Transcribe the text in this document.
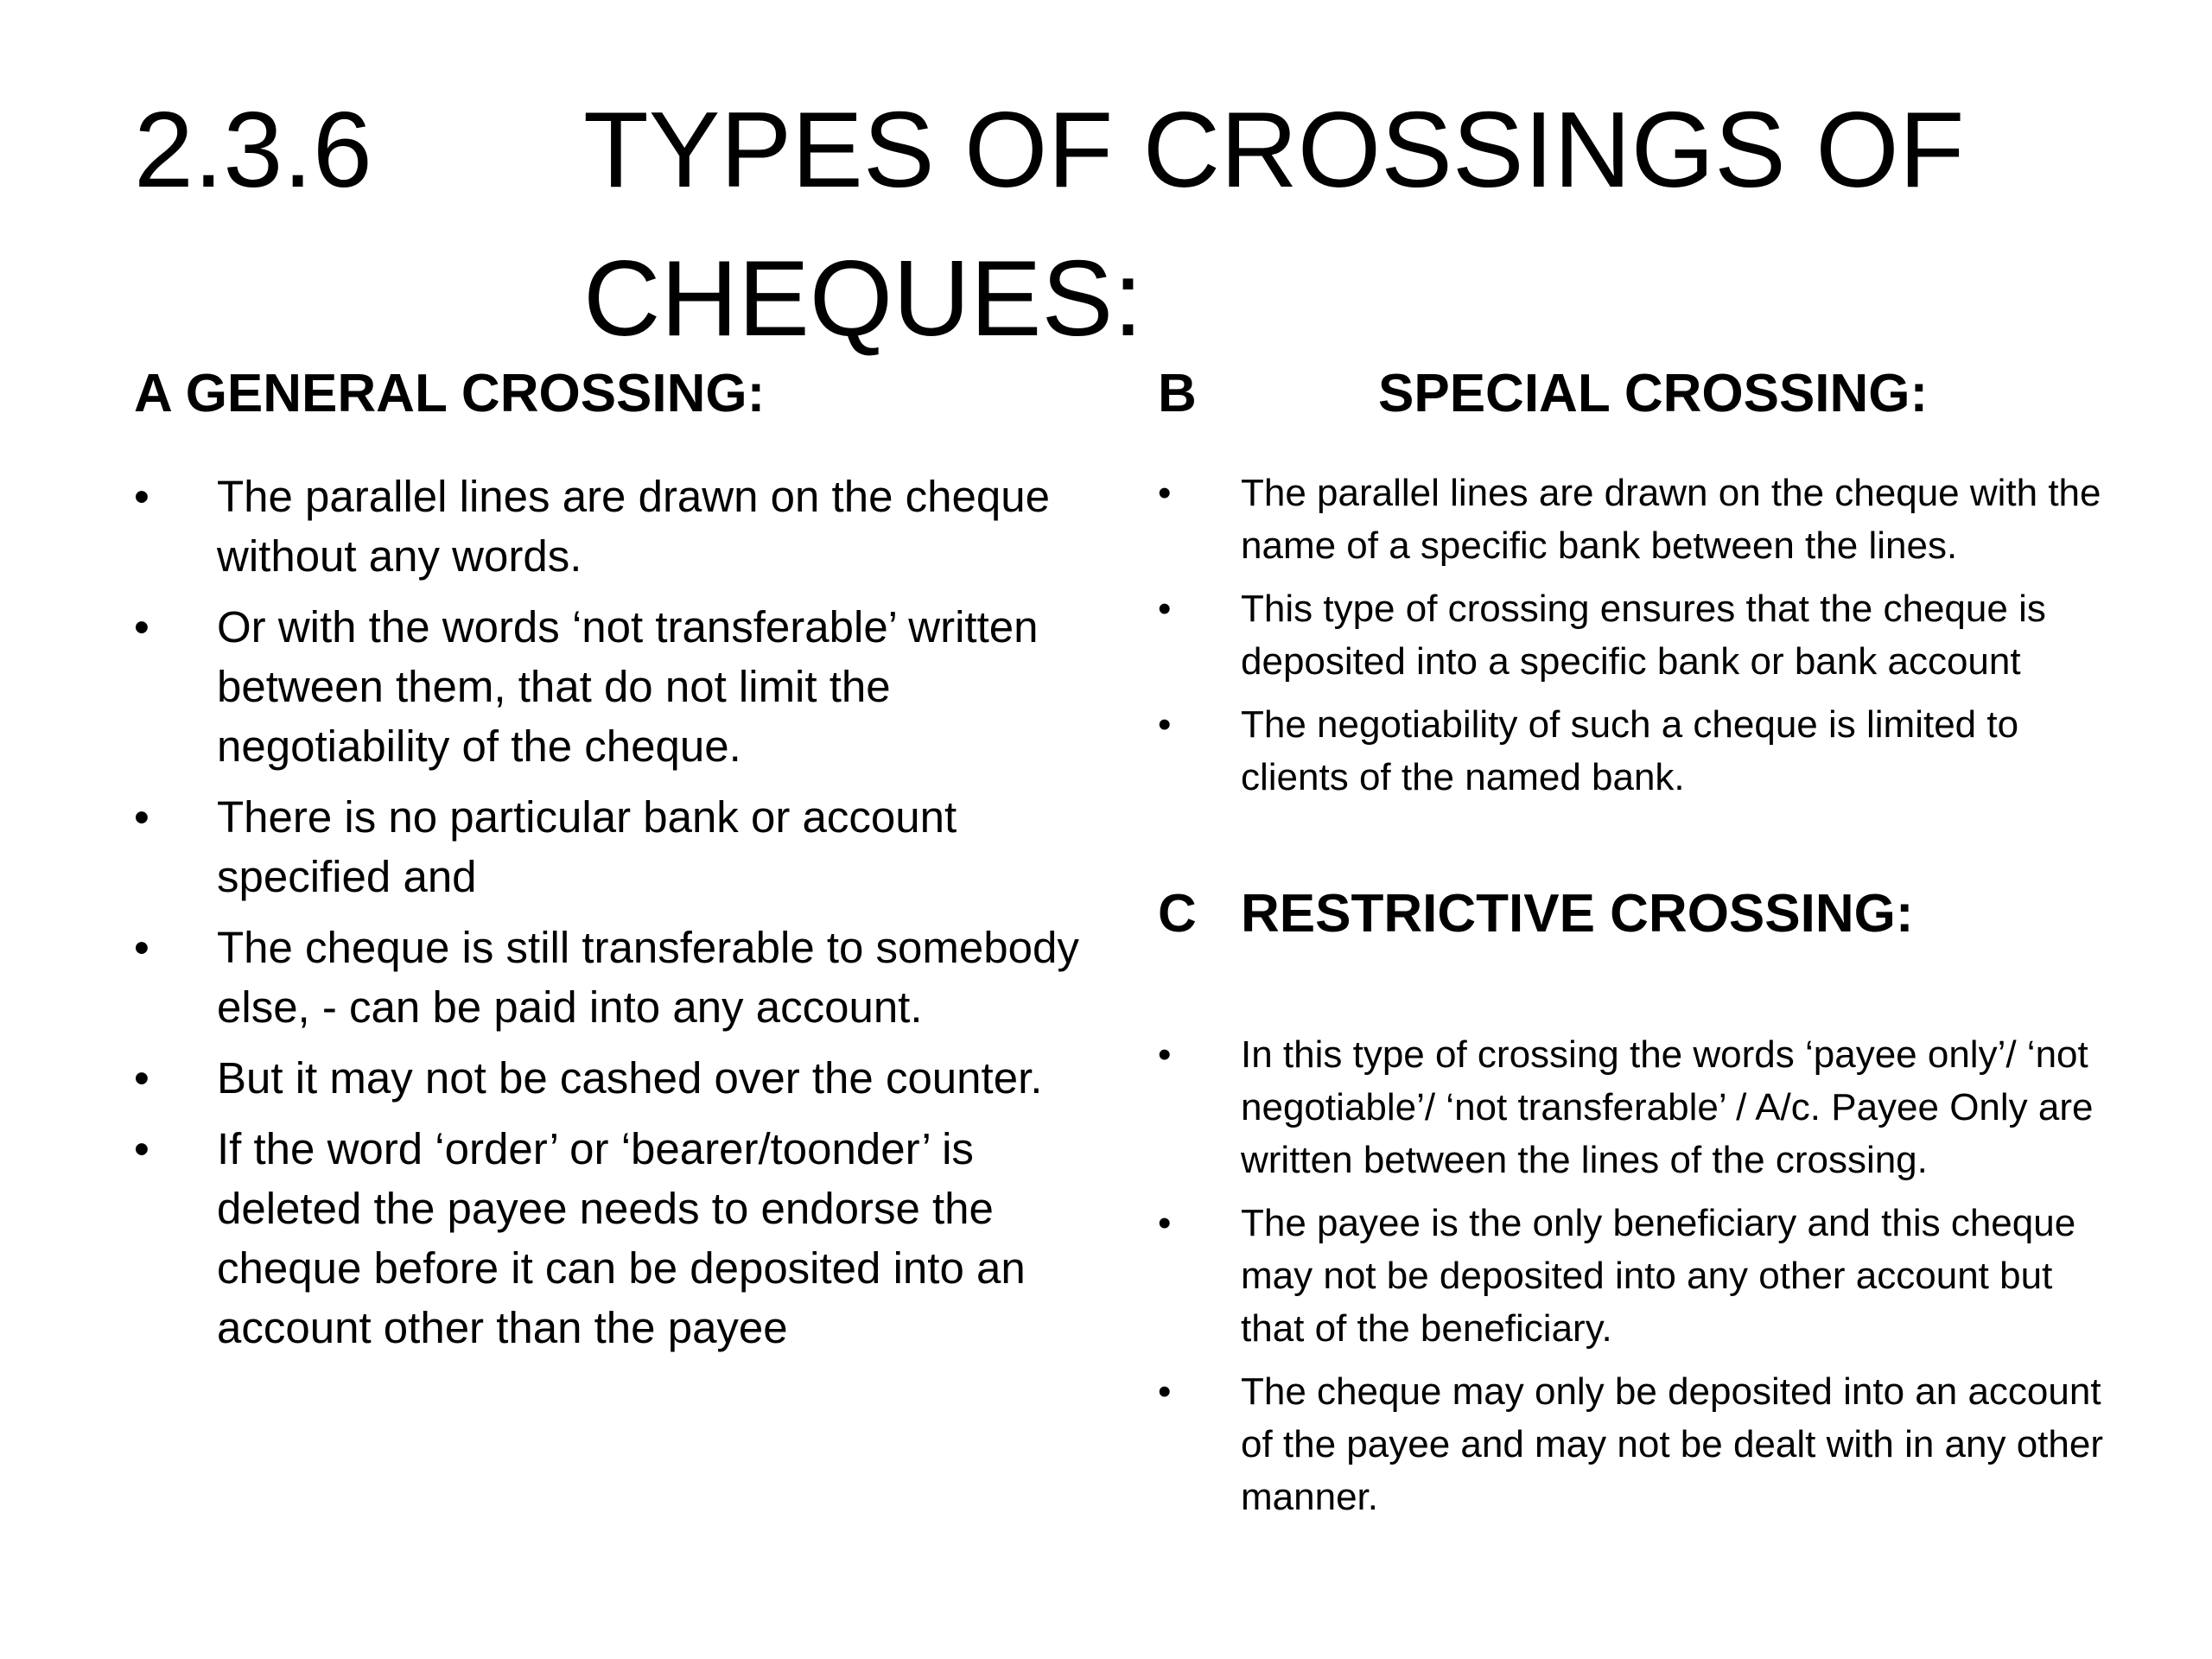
2.3.6 TYPES OF CROSSINGS OF CHEQUES:
A GENERAL CROSSING:	B	SPECIAL CROSSING:
C RESTRICTIVE CROSSING:
• The parallel lines are drawn on the cheque without any words.
• Or with the words ‘not transferable’ written between them, that do not limit the negotiability of the cheque.
• There is no particular bank or account specified and
• The cheque is still transferable to somebody else, - can be paid into any account.
• But it may not be cashed over the counter.
• If the word ‘order’ or ‘bearer/toonder’ is deleted the payee needs to endorse the cheque before it can be deposited into an account other than the payee
• The parallel lines are drawn on the cheque with the name of a specific bank between the lines.
• This type of crossing ensures that the cheque is deposited into a specific bank or bank account
• The negotiability of such a cheque is limited to clients of the named bank.
• In this type of crossing the words ‘payee only’/ ‘not negotiable’/ ‘not transferable’ / A/c. Payee Only are written between the lines of the crossing.
• The payee is the only beneficiary and this cheque may not be deposited into any other account but that of the beneficiary.
• The cheque may only be deposited into an account of the payee and may not be dealt with in any other manner.
